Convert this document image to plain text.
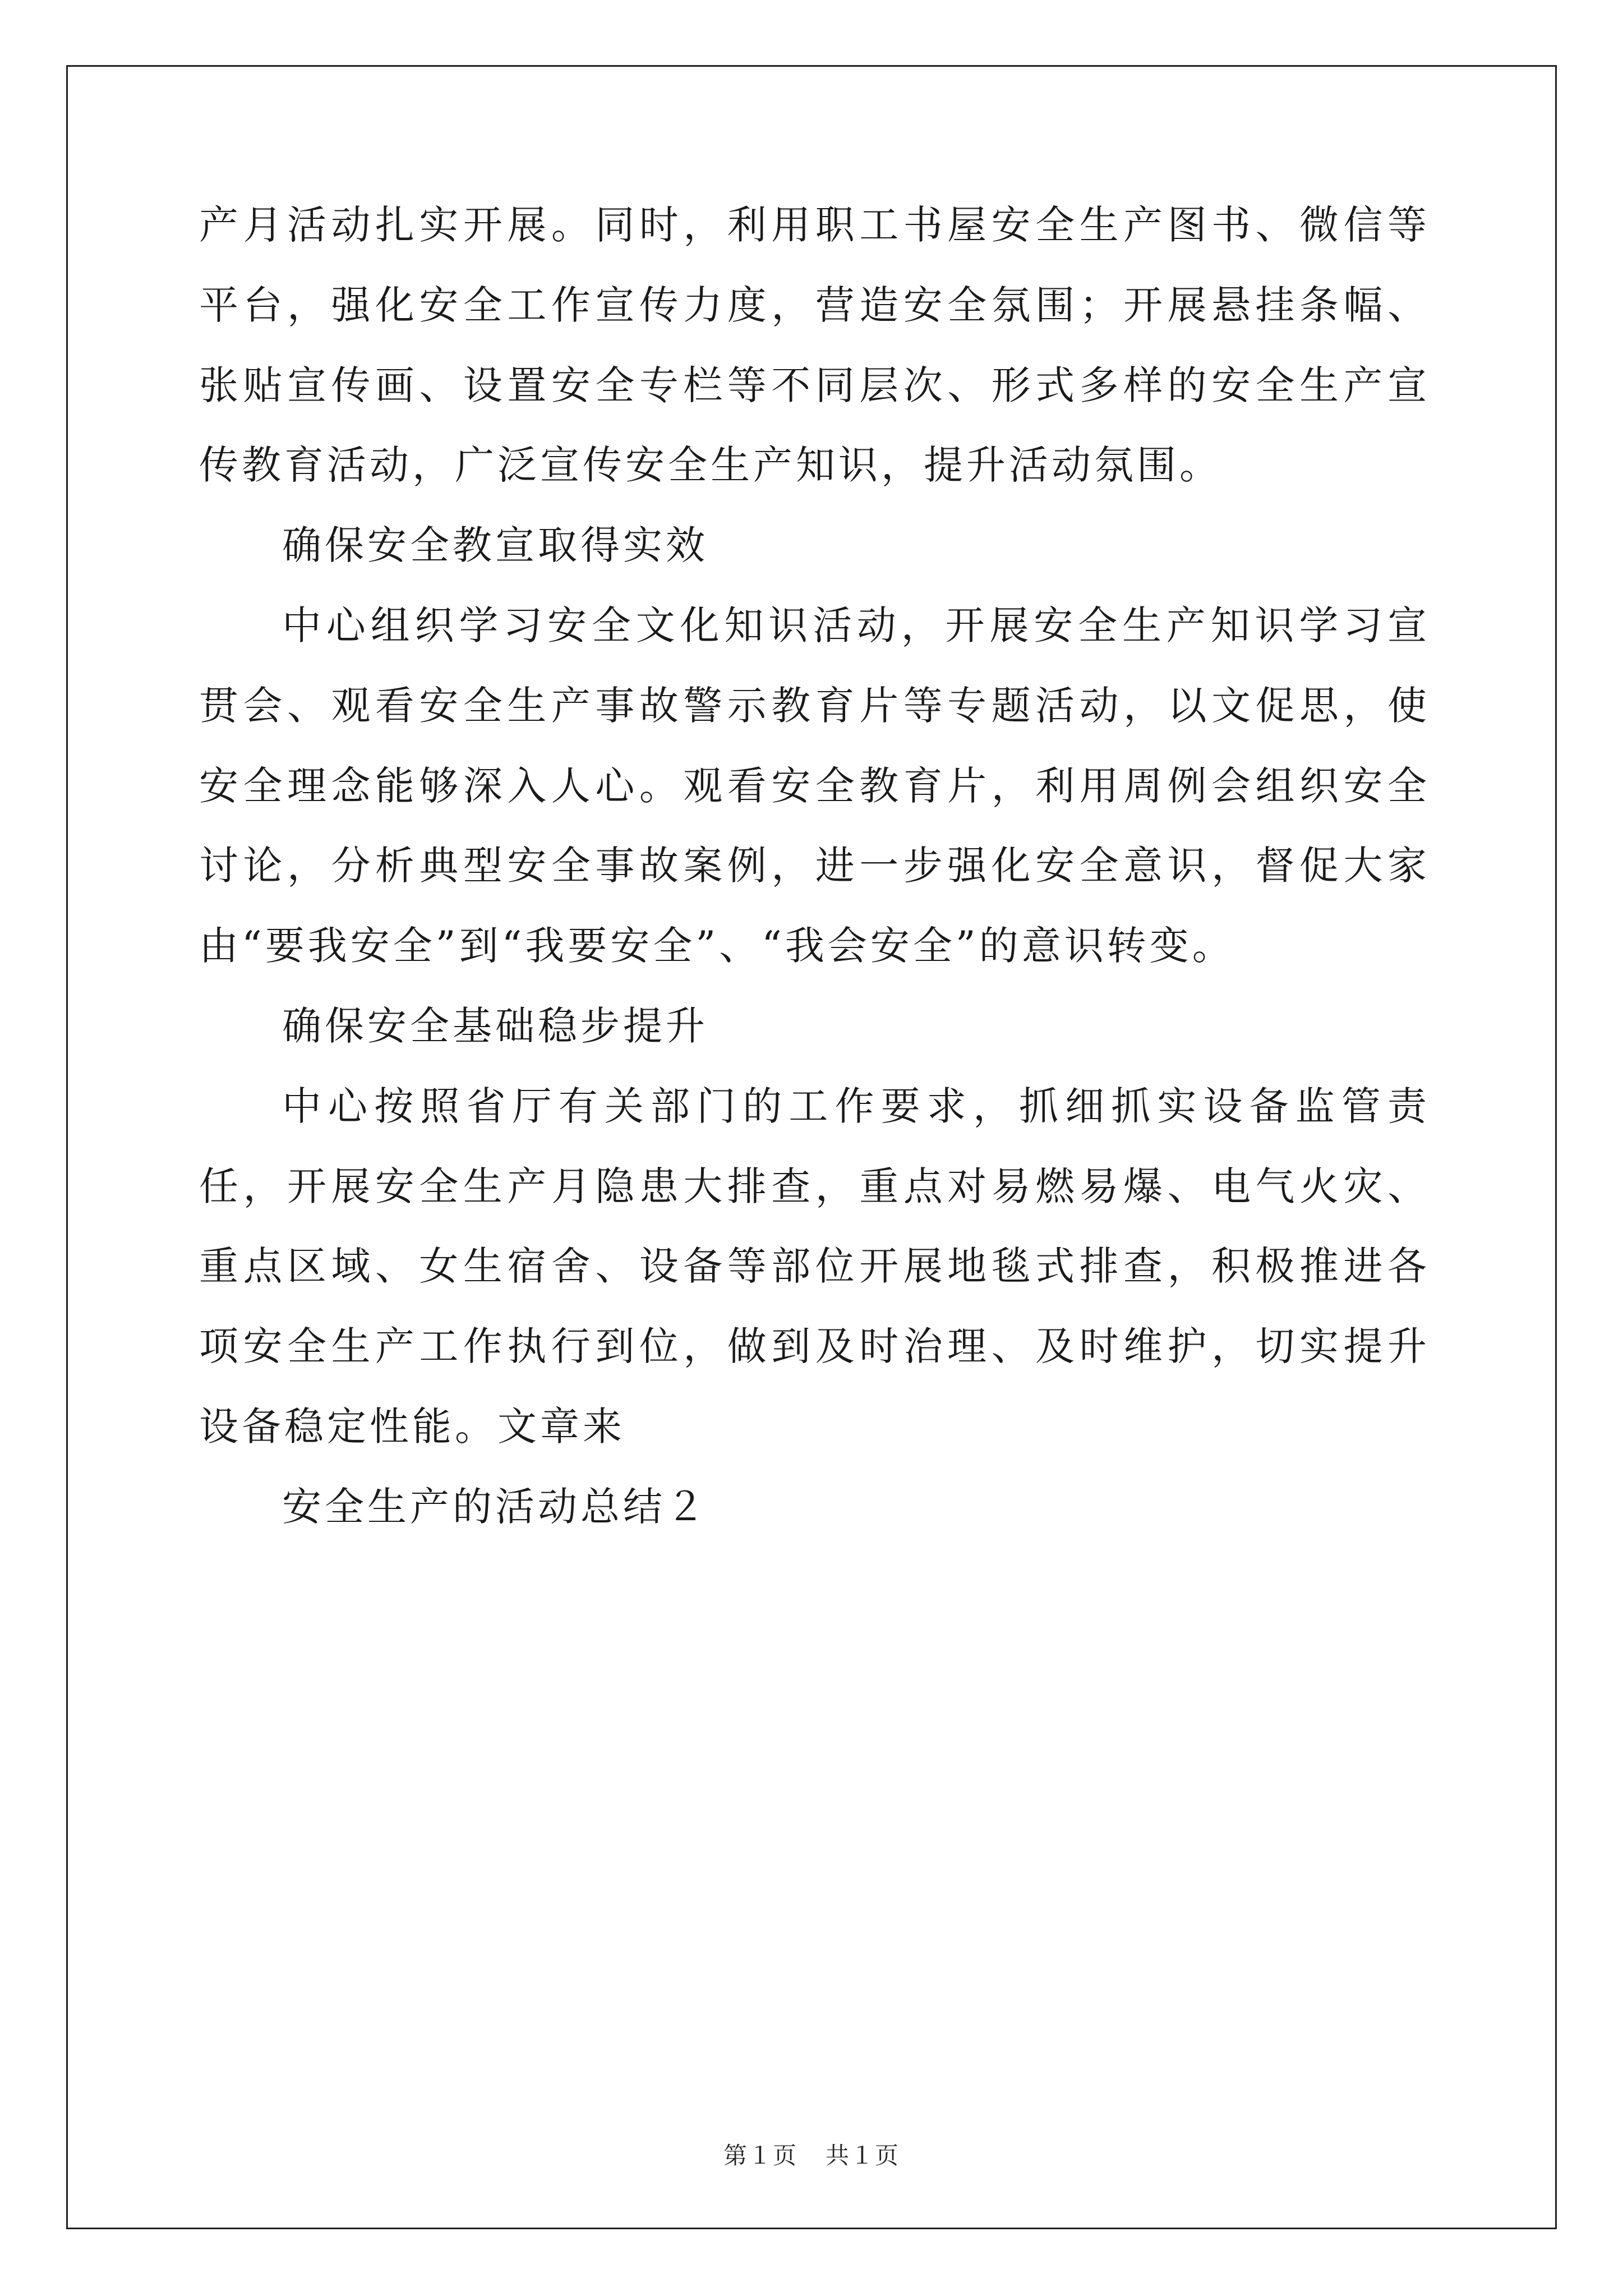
产月活动扎实开展。同时，利用职工书屋安全生产图书、微信等平台，强化安全工作宣传力度，营造安全氛围；开展悬挂条幅、张贴宣传画、设置安全专栏等不同层次、形式多样的安全生产宣传教育活动，广泛宣传安全生产知识，提升活动氛围。

确保安全教宣取得实效

中心组织学习安全文化知识活动，开展安全生产知识学习宣贯会、观看安全生产事故警示教育片等专题活动，以文促思，使安全理念能够深入人心。观看安全教育片，利用周例会组织安全讨论，分析典型安全事故案例，进一步强化安全意识，督促大家由“要我安全”到“我要安全”、“我会安全”的意识转变。

确保安全基础稳步提升

中心按照省厅有关部门的工作要求，抓细抓实设备监管责任，开展安全生产月隐患大排查，重点对易燃易爆、电气火灾、重点区域、女生宿舍、设备等部位开展地毯式排查，积极推进各项安全生产工作执行到位，做到及时治理、及时维护，切实提升设备稳定性能。文章来

安全生产的活动总结２

第１页 共１页
